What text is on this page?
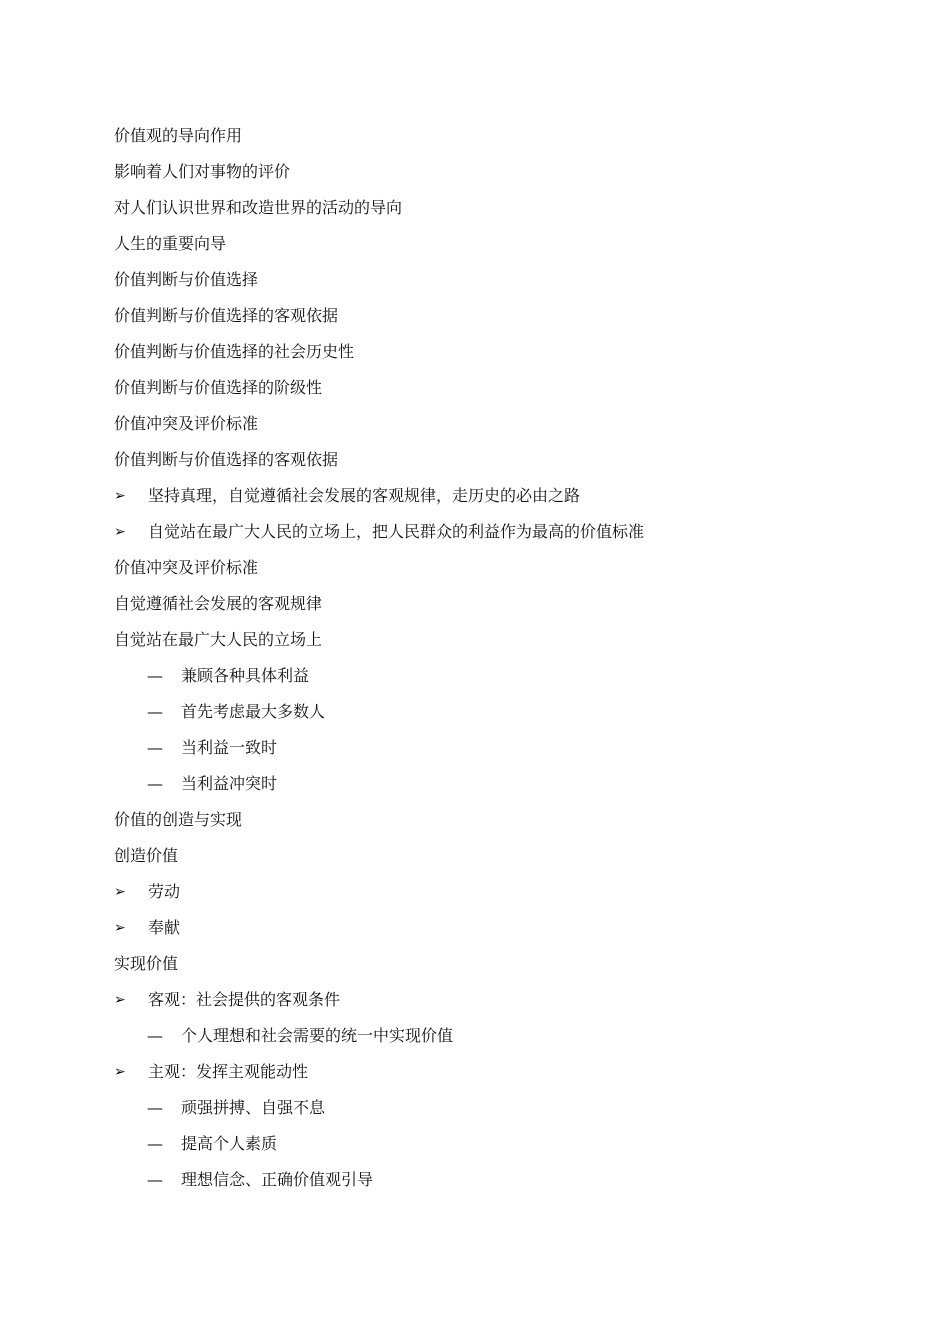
价值观的导向作用
影响着人们对事物的评价
对人们认识世界和改造世界的活动的导向
人生的重要向导
价值判断与价值选择
价值判断与价值选择的客观依据
价值判断与价值选择的社会历史性
价值判断与价值选择的阶级性
价值冲突及评价标准
价值判断与价值选择的客观依据
➢	坚持真理，自觉遵循社会发展的客观规律，走历史的必由之路
➢	自觉站在最广大人民的立场上，把人民群众的利益作为最高的价值标准
价值冲突及评价标准
自觉遵循社会发展的客观规律
自觉站在最广大人民的立场上
—	兼顾各种具体利益
—	首先考虑最大多数人
—	当利益一致时
—	当利益冲突时
价值的创造与实现
创造价值
➢	劳动
➢	奉献
实现价值
➢	客观：社会提供的客观条件
—	个人理想和社会需要的统一中实现价值
➢	主观：发挥主观能动性
—	顽强拼搏、自强不息
—	提高个人素质
—	理想信念、正确价值观引导
